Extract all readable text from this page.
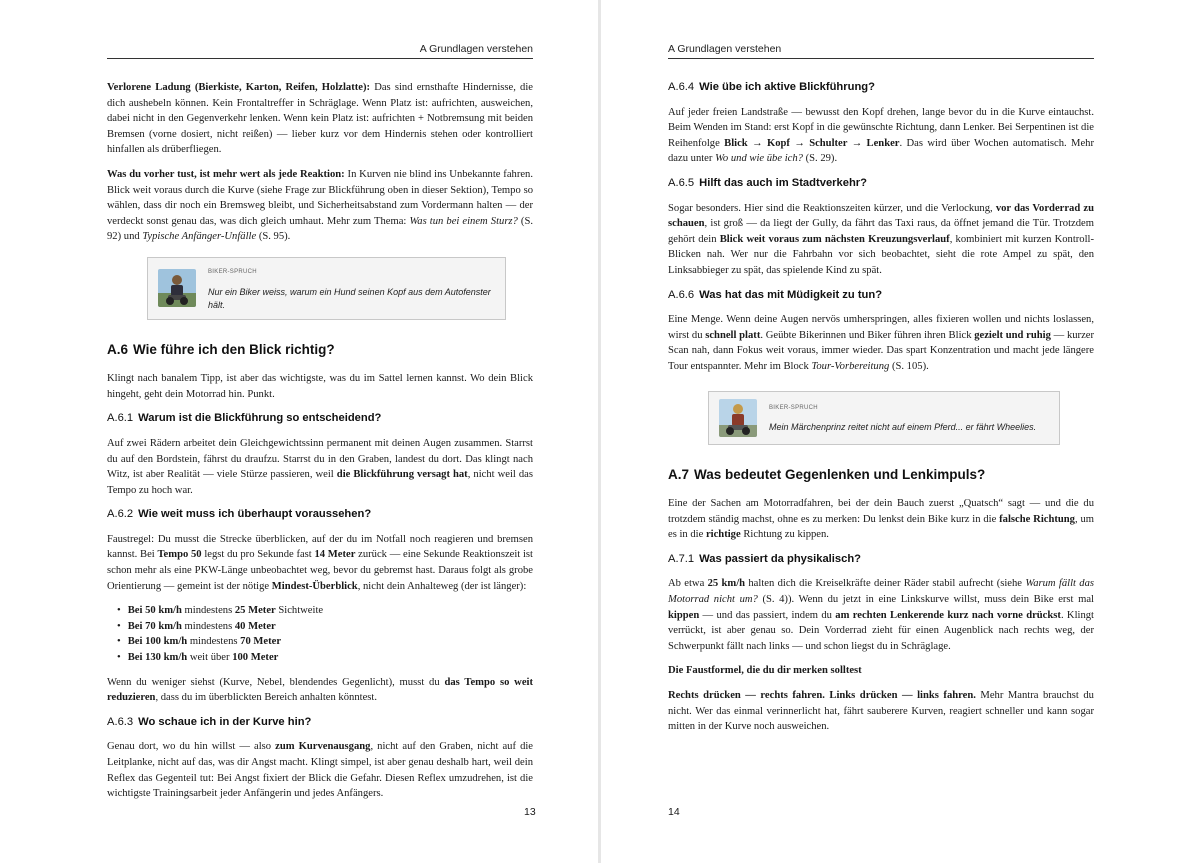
A Grundlagen verstehen

Verlorene Ladung (Bierkiste, Karton, Reifen, Holzlatte): Das sind ernsthafte Hindernisse, die dich aushebeln können. Kein Frontaltreffer in Schräglage. Wenn Platz ist: aufrichten, ausweichen, dabei nicht in den Gegenverkehr lenken. Wenn kein Platz ist: aufrichten + Notbremsung mit beiden Bremsen (vorne dosiert, nicht reißen) — lieber kurz vor dem Hindernis stehen oder kontrolliert hinfallen als drüberfliegen.

Was du vorher tust, ist mehr wert als jede Reaktion: In Kurven nie blind ins Unbekannte fahren. Blick weit voraus durch die Kurve (siehe Frage zur Blickführung oben in dieser Sektion), Tempo so wählen, dass dir noch ein Bremsweg bleibt, und Sicherheitsabstand zum Vordermann halten — der verdeckt sonst genau das, was dich gleich umhaut. Mehr zum Thema: Was tun bei einem Sturz? (S. 92) und Typische Anfänger-Unfälle (S. 95).

BIKER-SPRUCH
Nur ein Biker weiss, warum ein Hund seinen Kopf aus dem Autofenster hält.
A.6 Wie führe ich den Blick richtig?

Klingt nach banalem Tipp, ist aber das wichtigste, was du im Sattel lernen kannst. Wo dein Blick hingeht, geht dein Motorrad hin. Punkt.

A.6.1 Warum ist die Blickführung so entscheidend?

Auf zwei Rädern arbeitet dein Gleichgewichtssinn permanent mit deinen Augen zusammen. Starrst du auf den Bordstein, fährst du draufzu. Starrst du in den Graben, landest du dort. Das klingt nach Witz, ist aber Realität — viele Stürze passieren, weil die Blickführung versagt hat, nicht weil das Tempo zu hoch war.

A.6.2 Wie weit muss ich überhaupt voraussehen?

Faustregel: Du musst die Strecke überblicken, auf der du im Notfall noch reagieren und bremsen kannst. Bei Tempo 50 legst du pro Sekunde fast 14 Meter zurück — eine Sekunde Reaktionszeit ist schon mehr als eine PKW-Länge unbeobachtet weg, bevor du gebremst hast. Daraus folgt als grobe Orientierung — gemeint ist der nötige Mindest-Überblick, nicht dein Anhalteweg (der ist länger):

• Bei 50 km/h mindestens 25 Meter Sichtweite
• Bei 70 km/h mindestens 40 Meter
• Bei 100 km/h mindestens 70 Meter
• Bei 130 km/h weit über 100 Meter

Wenn du weniger siehst (Kurve, Nebel, blendendes Gegenlicht), musst du das Tempo so weit reduzieren, dass du im überblickten Bereich anhalten könntest.

A.6.3 Wo schaue ich in der Kurve hin?

Genau dort, wo du hin willst — also zum Kurvenausgang, nicht auf den Graben, nicht auf die Leitplanke, nicht auf das, was dir Angst macht. Klingt simpel, ist aber genau deshalb hart, weil dein Reflex das Gegenteil tut: Bei Angst fixiert der Blick die Gefahr. Diesen Reflex umzudrehen, ist die wichtigste Trainingsarbeit jeder Anfängerin und jedes Anfängers.

13
A Grundlagen verstehen
A.6.4 Wie übe ich aktive Blickführung?

Auf jeder freien Landstraße — bewusst den Kopf drehen, lange bevor du in die Kurve eintauchst. Beim Wenden im Stand: erst Kopf in die gewünschte Richtung, dann Lenker. Bei Serpentinen ist die Reihenfolge Blick → Kopf → Schulter → Lenker. Das wird über Wochen automatisch. Mehr dazu unter Wo und wie übe ich? (S. 29).

A.6.5 Hilft das auch im Stadtverkehr?

Sogar besonders. Hier sind die Reaktionszeiten kürzer, und die Verlockung, vor das Vorderrad zu schauen, ist groß — da liegt der Gully, da fährt das Taxi raus, da öffnet jemand die Tür. Trotzdem gehört dein Blick weit voraus zum nächsten Kreuzungsverlauf, kombiniert mit kurzen Kontroll-Blicken nah. Wer nur die Fahrbahn vor sich beobachtet, sieht die rote Ampel zu spät, den Linksabbieger zu spät, das spielende Kind zu spät.

A.6.6 Was hat das mit Müdigkeit zu tun?

Eine Menge. Wenn deine Augen nervös umherspringen, alles fixieren wollen und nichts loslassen, wirst du schnell platt. Geübte Bikerinnen und Biker führen ihren Blick gezielt und ruhig — kurzer Scan nah, dann Fokus weit voraus, immer wieder. Das spart Konzentration und macht jede längere Tour entspannter. Mehr im Block Tour-Vorbereitung (S. 105).

BIKER-SPRUCH
Mein Märchenprinz reitet nicht auf einem Pferd... er fährt Wheelies.
A.7 Was bedeutet Gegenlenken und Lenkimpuls?

Eine der Sachen am Motorradfahren, bei der dein Bauch zuerst „Quatsch“ sagt — und die du trotzdem ständig machst, ohne es zu merken: Du lenkst dein Bike kurz in die falsche Richtung, um es in die richtige Richtung zu kippen.

A.7.1 Was passiert da physikalisch?

Ab etwa 25 km/h halten dich die Kreiselkräfte deiner Räder stabil aufrecht (siehe Warum fällt das Motorrad nicht um? (S. 4)). Wenn du jetzt in eine Linkskurve willst, muss dein Bike erst mal kippen — und das passiert, indem du am rechten Lenkerende kurz nach vorne drückst. Klingt verrückt, ist aber genau so. Dein Vorderrad zieht für einen Augenblick nach rechts weg, der Schwerpunkt fällt nach links — und schon liegst du in Schräglage.

Die Faustformel, die du dir merken solltest

Rechts drücken — rechts fahren. Links drücken — links fahren. Mehr Mantra brauchst du nicht. Wer das einmal verinnerlicht hat, fährt sauberere Kurven, reagiert schneller und kann sogar mitten in der Kurve noch ausweichen.

14
